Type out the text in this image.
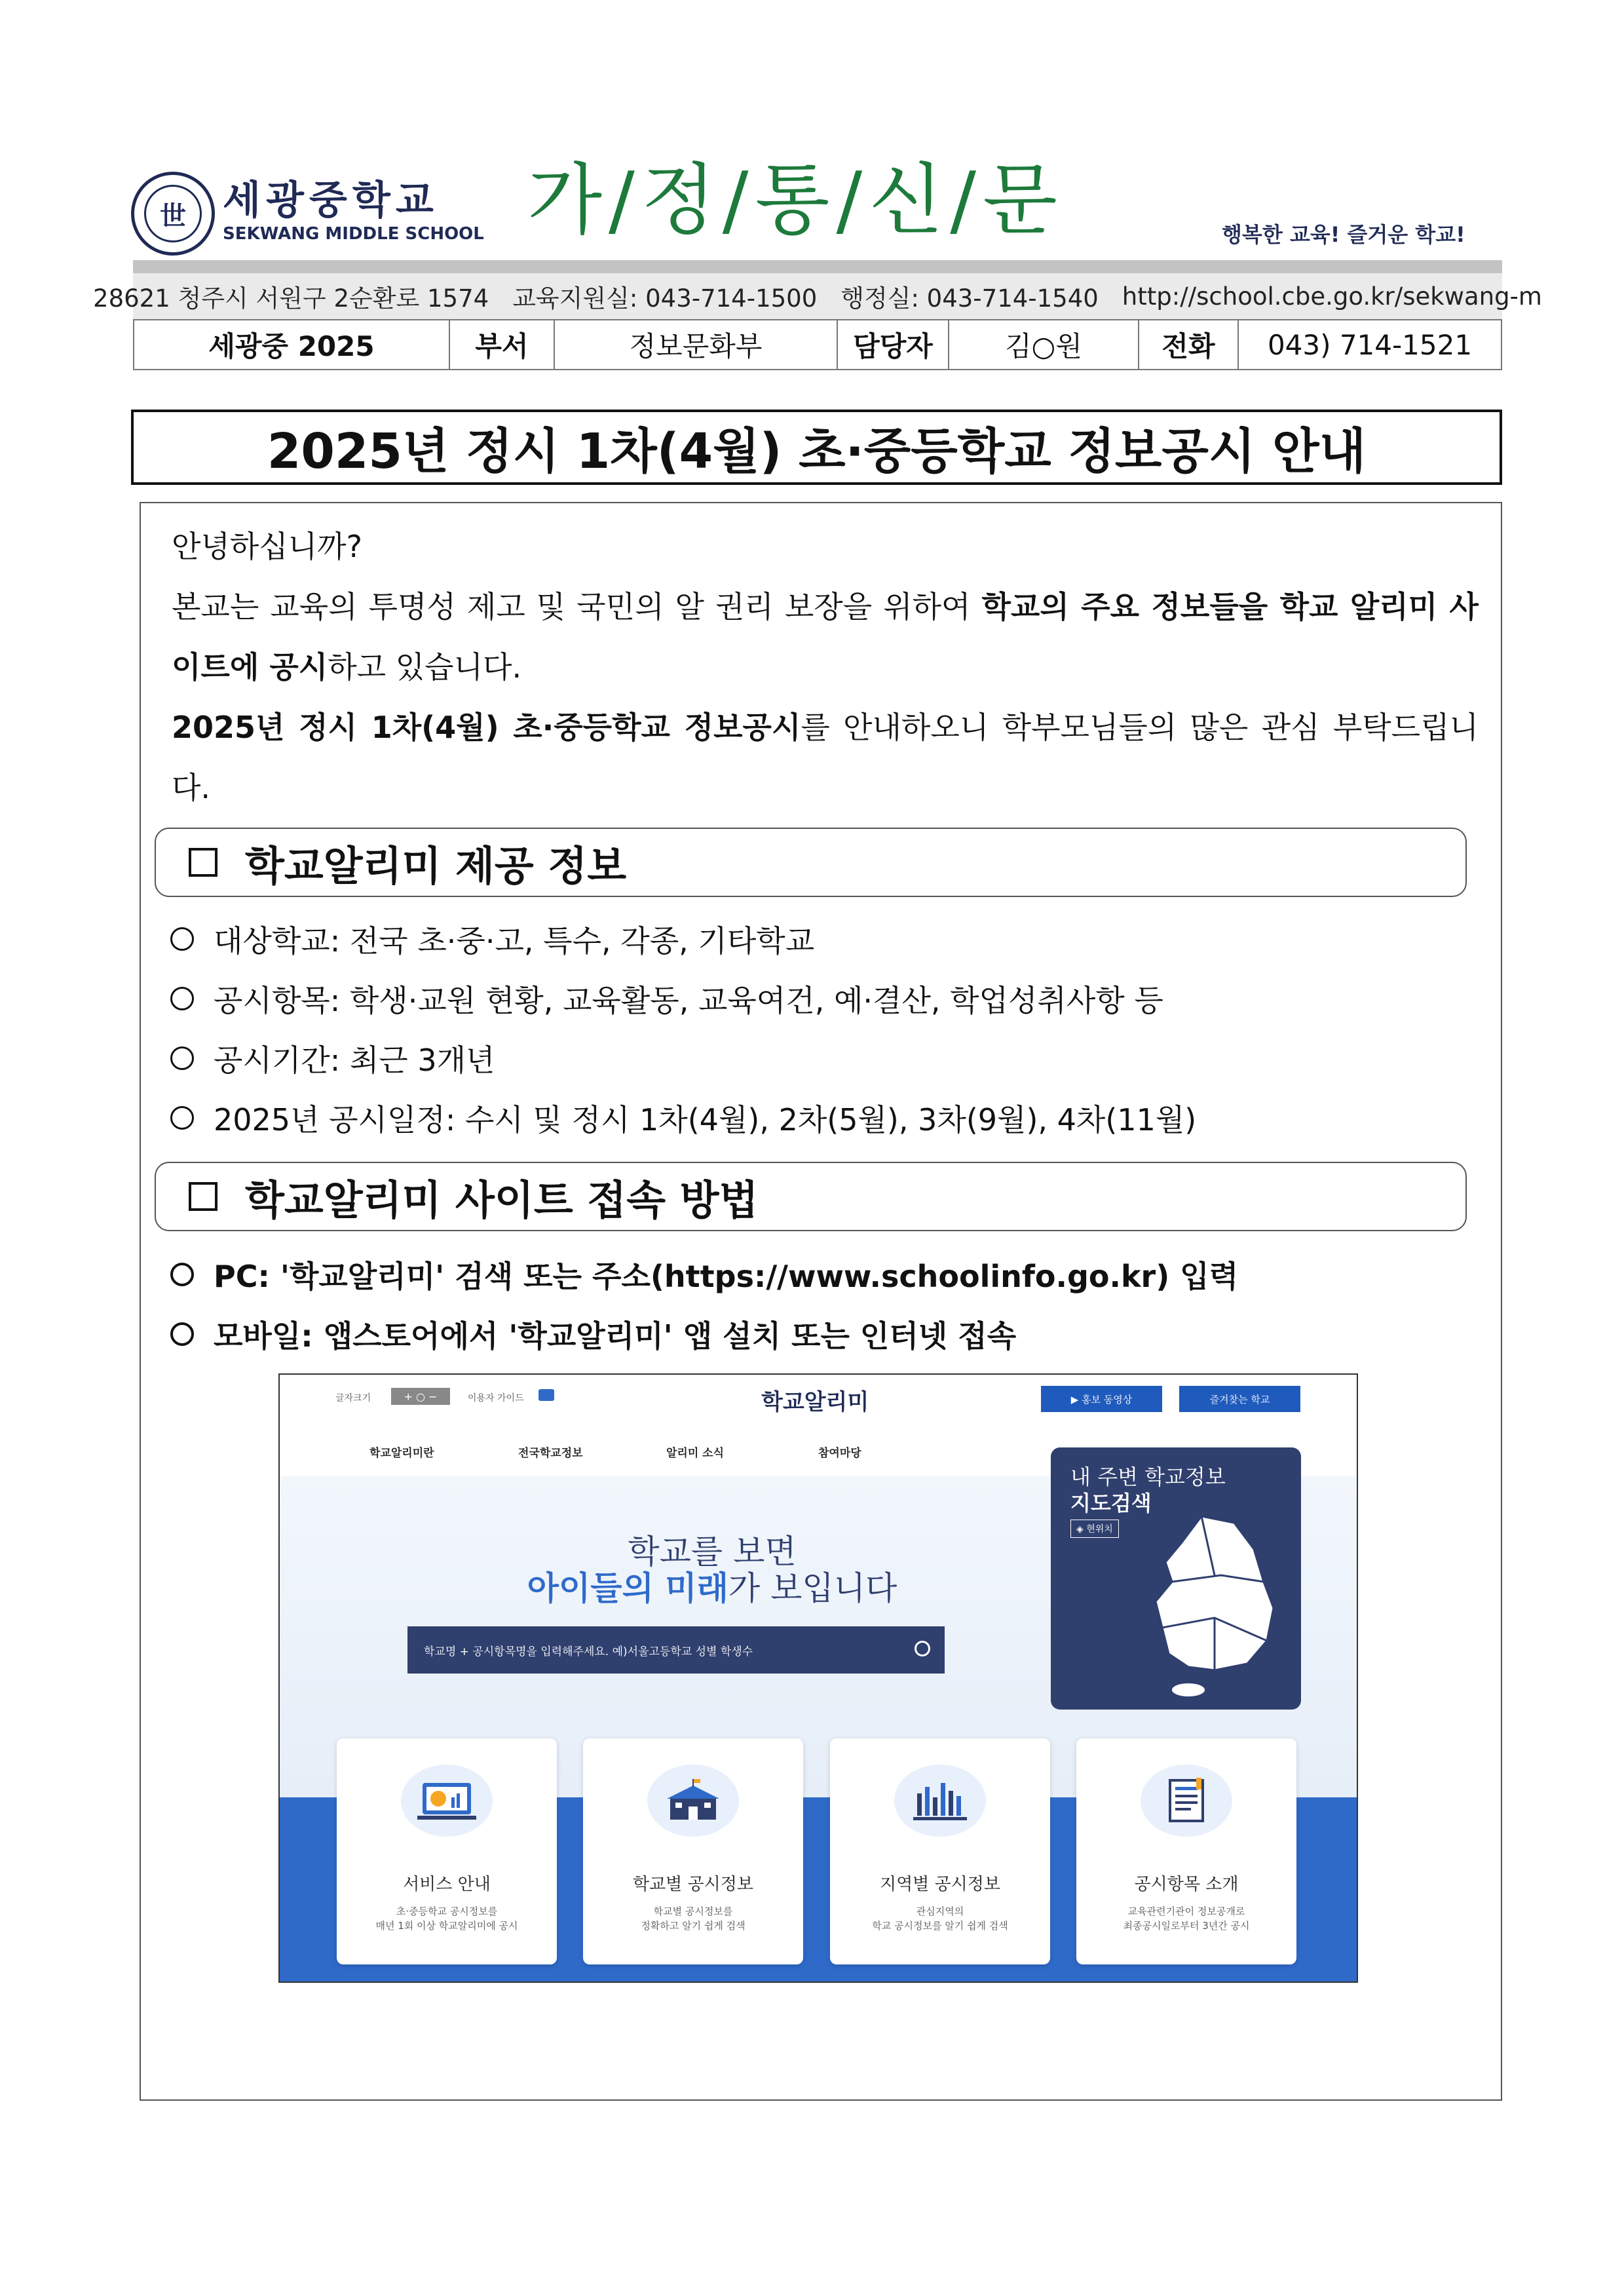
世 세광중학교
SEKWANG MIDDLE SCHOOL 가/정/통/신/문	행복한 교육! 즐거운 학교!
28621 청주시 서원구 2순환로 1574 교육지원실: 043-714-1500 행정실: 043-714-1540 http://school.cbe.go.kr/sekwang-m
세광중 2025	부서	정보문화부	담당자	김○원	전화	043) 714-1521
2025년 정시 1차(4월) 초·중등학교 정보공시 안내
안녕하십니까?
본교는 교육의 투명성 제고 및 국민의 알 권리 보장을 위하여 학교의 주요 정보들을 학교 알리미 사이트에 공시하고 있습니다.
2025년 정시 1차(4월) 초·중등학교 정보공시를 안내하오니 학부모님들의 많은 관심 부탁드립니다.
학교알리미 제공 정보
대상학교: 전국 초·중·고, 특수, 각종, 기타학교
공시항목: 학생·교원 현황, 교육활동, 교육여건, 예·결산, 학업성취사항 등
공시기간: 최근 3개년
2025년 공시일정: 수시 및 정시 1차(4월), 2차(5월), 3차(9월), 4차(11월)
학교알리미 사이트 접속 방법
PC: '학교알리미' 검색 또는 주소(https://www.schoolinfo.go.kr) 입력
모바일: 앱스토어에서 '학교알리미' 앱 설치 또는 인터넷 접속
글자크기	+ ○ −	이용자 가이드	학교알리미	▶ 홍보 동영상	즐겨찾는 학교
학교알리미란	전국학교정보	알리미 소식	참여마당
학교를 보면
아이들의 미래가 보입니다
학교명 + 공시항목명을 입력해주세요. 예)서울고등학교 성별 학생수
내 주변 학교정보
지도검색
◈ 현위치
서비스 안내
초·중등학교 공시정보를
매년 1회 이상 학교알리미에 공시
학교별 공시정보
학교별 공시정보를
정확하고 알기 쉽게 검색
지역별 공시정보
관심지역의
학교 공시정보를 알기 쉽게 검색
공시항목 소개
교육관련기관이 정보공개로
최종공시일로부터 3년간 공시
